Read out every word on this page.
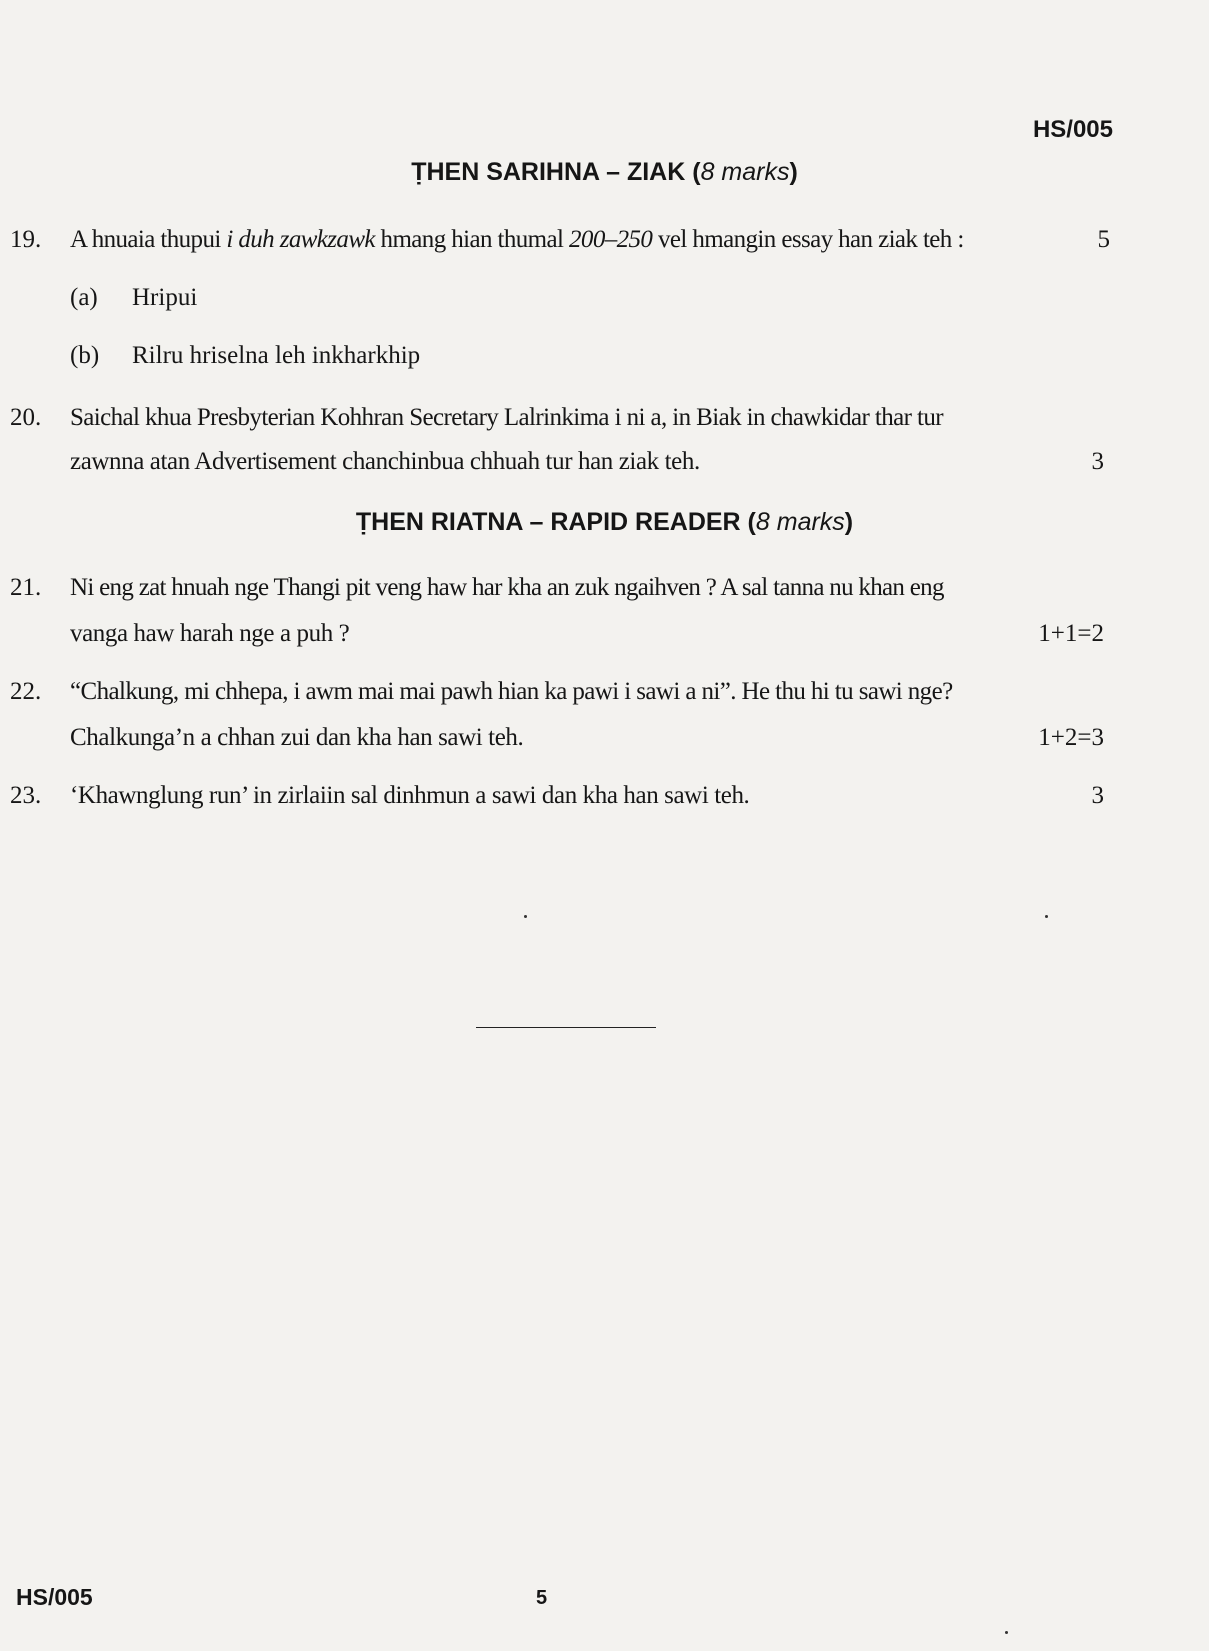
HS/005
ṬHEN SARIHNA – ZIAK (8 marks)
19. A hnuaia thupui i duh zawkzawk hmang hian thumal 200–250 vel hmangin essay han ziak teh :	5
(a) Hripui
(b) Rilru hriselna leh inkharkhip
20. Saichal khua Presbyterian Kohhran Secretary Lalrinkima i ni a, in Biak in chawkidar thar tur
zawnna atan Advertisement chanchinbua chhuah tur han ziak teh.	3
ṬHEN RIATNA – RAPID READER (8 marks)
21. Ni eng zat hnuah nge Thangi pit veng haw har kha an zuk ngaihven ? A sal tanna nu khan eng
vanga haw harah nge a puh ?	1+1=2
22. “Chalkung, mi chhepa, i awm mai mai pawh hian ka pawi i sawi a ni”. He thu hi tu sawi nge?
Chalkunga’n a chhan zui dan kha han sawi teh.	1+2=3
23. ‘Khawnglung run’ in zirlaiin sal dinhmun a sawi dan kha han sawi teh.	3
HS/005	5
